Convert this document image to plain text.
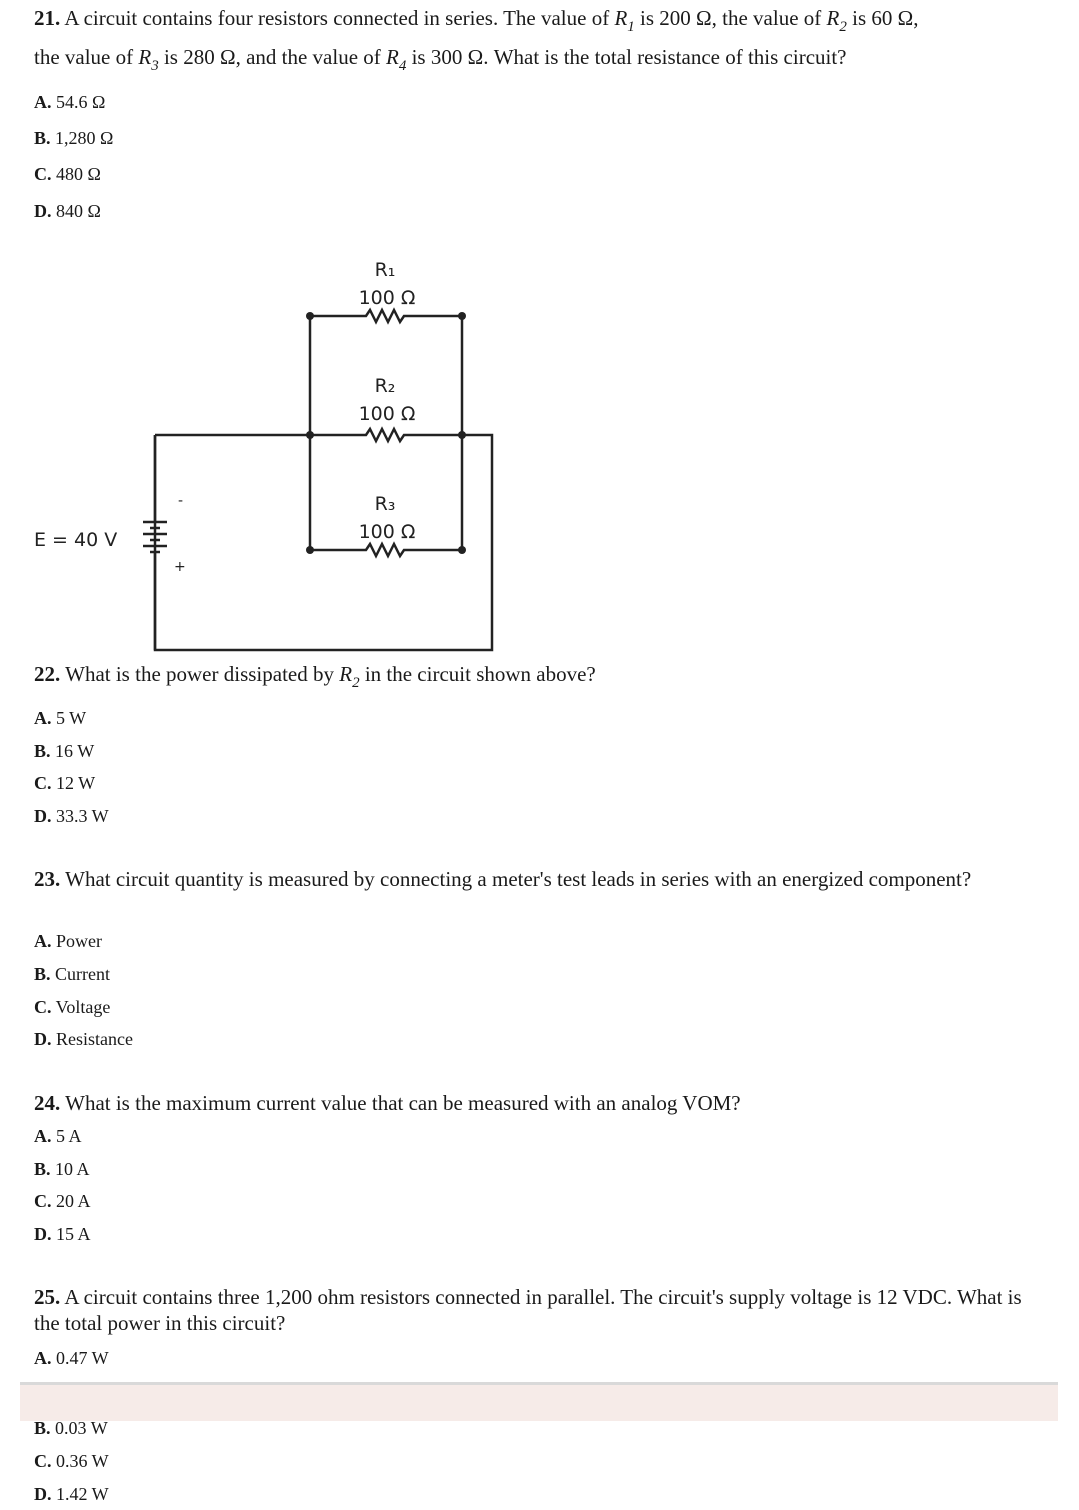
21. A circuit contains four resistors connected in series. The value of $R_1$ is 200 Ω, the value of $R_2$ is 60 Ω,
the value of $R_3$ is 280 Ω, and the value of $R_4$ is 300 Ω. What is the total resistance of this circuit?
A. 54.6 Ω
B. 1,280 Ω
C. 480 Ω
D. 840 Ω
R₁
100 Ω
R₂
100 Ω
R₃
100 Ω
E = 40 V
-
+
22. What is the power dissipated by $R_2$ in the circuit shown above?
A. 5 W
B. 16 W
C. 12 W
D. 33.3 W
23. What circuit quantity is measured by connecting a meter's test leads in series with an energized component?
A. Power
B. Current
C. Voltage
D. Resistance
24. What is the maximum current value that can be measured with an analog VOM?
A. 5 A
B. 10 A
C. 20 A
D. 15 A
25. A circuit contains three 1,200 ohm resistors connected in parallel. The circuit's supply voltage is 12 VDC. What is the total power in this circuit?
A. 0.47 W
B. 0.03 W
C. 0.36 W
D. 1.42 W
